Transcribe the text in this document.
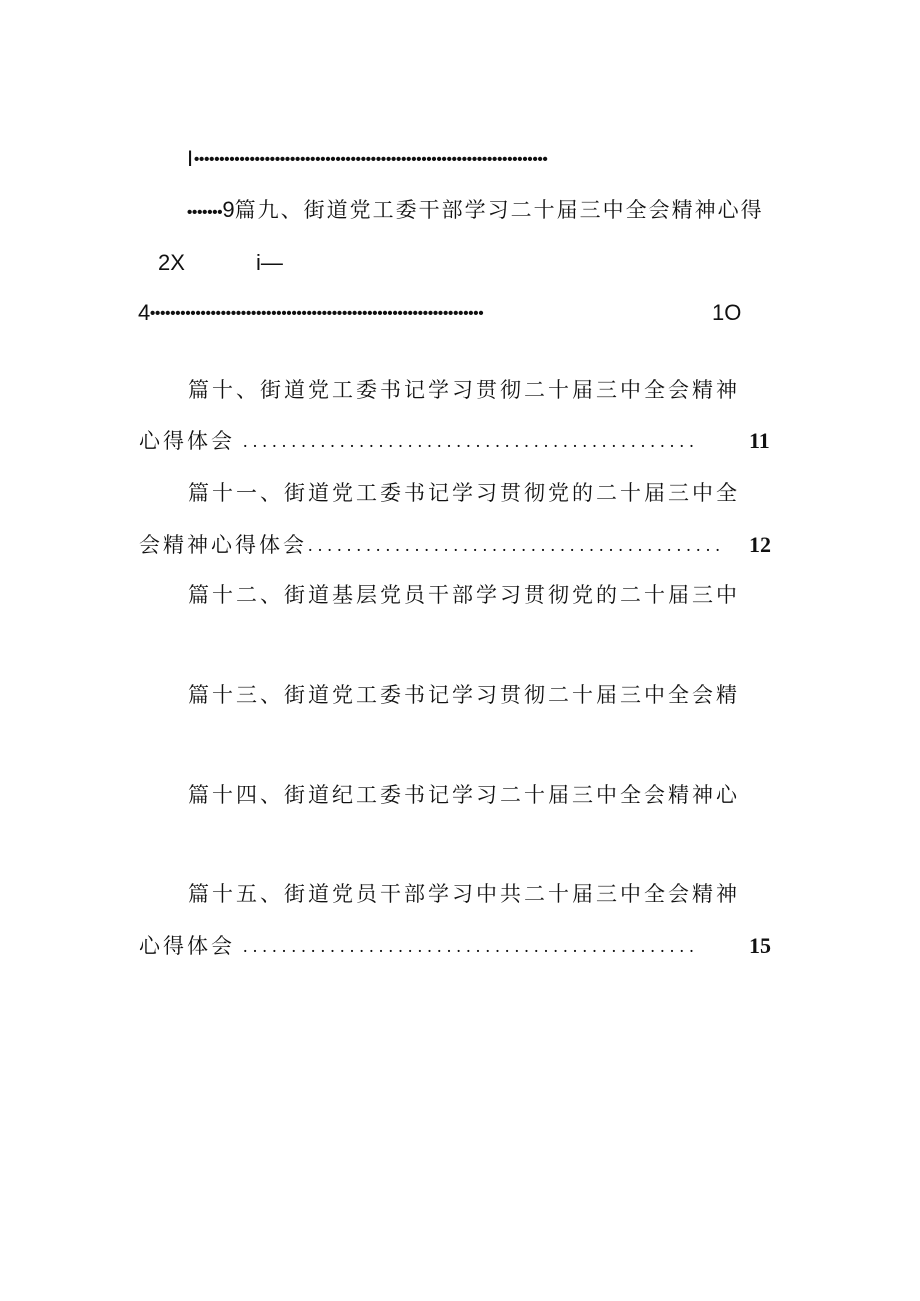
I ••••••••••••••••••••••••••••••••••••••••••••••••••••••••••••••••••••••
•••••••9篇九、街道党工委干部学习二十届三中全会精神心得
2X	i—
4 ••••••••••••••••••••••••••••••••••••••••••••••••••••••••••••••••••	1O
篇十、街道党工委书记学习贯彻二十届三中全会精神
心得体会 ...............................................	11
篇十一、街道党工委书记学习贯彻党的二十届三中全
会精神心得体会 ...........................................	12
篇十二、街道基层党员干部学习贯彻党的二十届三中
篇十三、街道党工委书记学习贯彻二十届三中全会精
篇十四、街道纪工委书记学习二十届三中全会精神心
篇十五、街道党员干部学习中共二十届三中全会精神
心得体会 ...............................................	15
